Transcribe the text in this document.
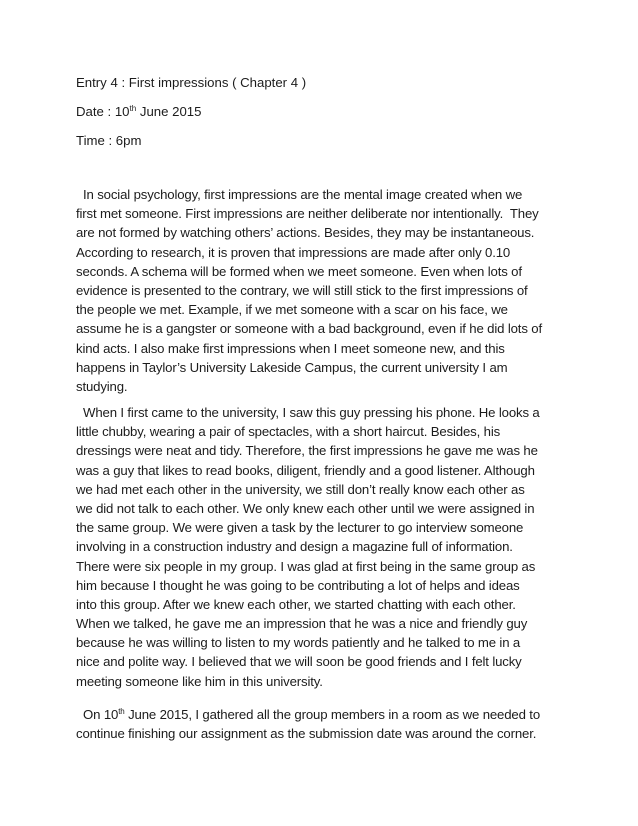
Entry 4 : First impressions ( Chapter 4 )
Date : 10th June 2015
Time : 6pm
In social psychology, first impressions are the mental image created when we
first met someone. First impressions are neither deliberate nor intentionally.  They
are not formed by watching others’ actions. Besides, they may be instantaneous.
According to research, it is proven that impressions are made after only 0.10
seconds. A schema will be formed when we meet someone. Even when lots of
evidence is presented to the contrary, we will still stick to the first impressions of
the people we met. Example, if we met someone with a scar on his face, we
assume he is a gangster or someone with a bad background, even if he did lots of
kind acts. I also make first impressions when I meet someone new, and this
happens in Taylor’s University Lakeside Campus, the current university I am
studying.
When I first came to the university, I saw this guy pressing his phone. He looks a
little chubby, wearing a pair of spectacles, with a short haircut. Besides, his
dressings were neat and tidy. Therefore, the first impressions he gave me was he
was a guy that likes to read books, diligent, friendly and a good listener. Although
we had met each other in the university, we still don’t really know each other as
we did not talk to each other. We only knew each other until we were assigned in
the same group. We were given a task by the lecturer to go interview someone
involving in a construction industry and design a magazine full of information.
There were six people in my group. I was glad at first being in the same group as
him because I thought he was going to be contributing a lot of helps and ideas
into this group. After we knew each other, we started chatting with each other.
When we talked, he gave me an impression that he was a nice and friendly guy
because he was willing to listen to my words patiently and he talked to me in a
nice and polite way. I believed that we will soon be good friends and I felt lucky
meeting someone like him in this university.
On 10th June 2015, I gathered all the group members in a room as we needed to
continue finishing our assignment as the submission date was around the corner.
